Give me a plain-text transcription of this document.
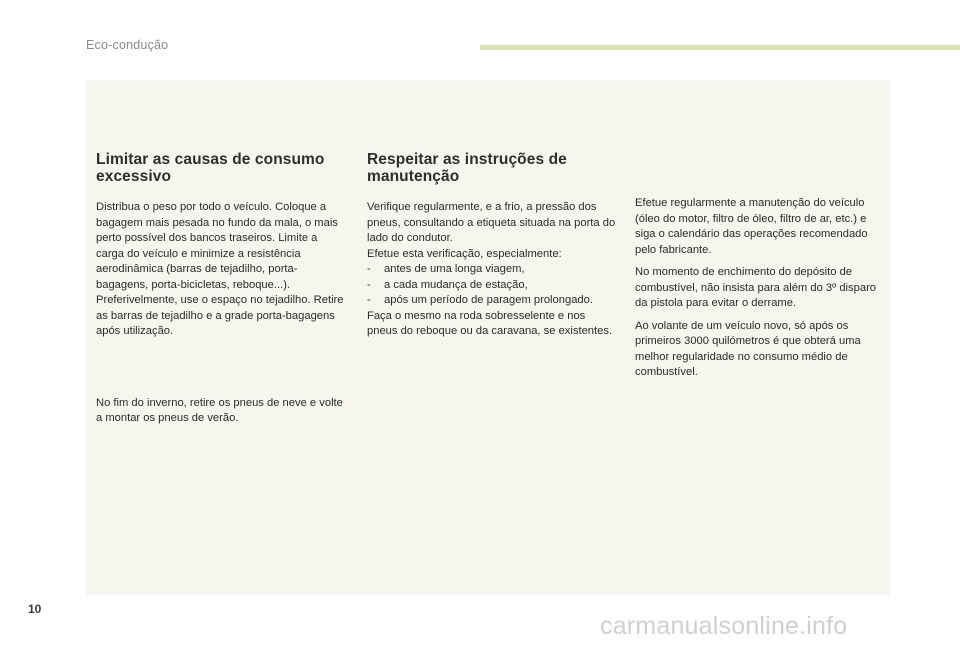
Eco-condução
Limitar as causas de consumo excessivo

Distribua o peso por todo o veículo. Coloque a bagagem mais pesada no fundo da mala, o mais perto possível dos bancos traseiros. Limite a carga do veículo e minimize a resistência aerodinâmica (barras de tejadilho, porta-bagagens, porta-bicicletas, reboque...). Preferivelmente, use o espaço no tejadilho. Retire as barras de tejadilho e a grade porta-bagagens após utilização.

No fim do inverno, retire os pneus de neve e volte a montar os pneus de verão.

Respeitar as instruções de manutenção

Verifique regularmente, e a frio, a pressão dos pneus, consultando a etiqueta situada na porta do lado do condutor.

Efetue esta verificação, especialmente:

-	antes de uma longa viagem,

-	a cada mudança de estação,

-	após um período de paragem prolongado.

Faça o mesmo na roda sobresselente e nos pneus do reboque ou da caravana, se existentes.

Efetue regularmente a manutenção do veículo (óleo do motor, filtro de óleo, filtro de ar, etc.) e siga o calendário das operações recomendado pelo fabricante.

No momento de enchimento do depósito de combustível, não insista para além do 3º disparo da pistola para evitar o derrame.

Ao volante de um veículo novo, só após os primeiros 3000 quilómetros é que obterá uma melhor regularidade no consumo médio de combustível.

10
carmanualsonline.info
